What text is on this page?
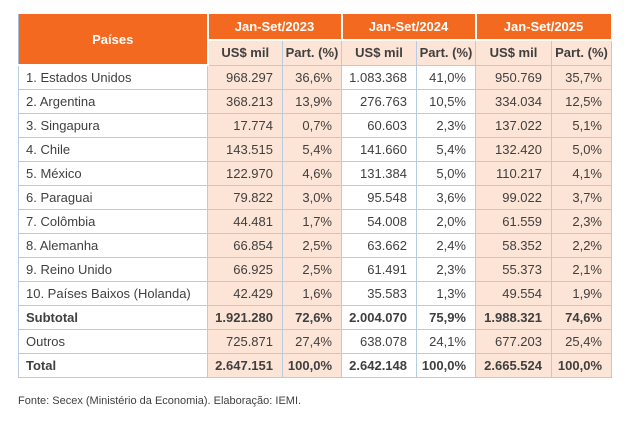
Países	Jan-Set/2023		Jan-Set/2024		Jan-Set/2025	
	US$ mil	Part. (%)	US$ mil	Part. (%)	US$ mil	Part. (%)
1. Estados Unidos	968.297	36,6%	1.083.368	41,0%	950.769	35,7%
2. Argentina	368.213	13,9%	276.763	10,5%	334.034	12,5%
3. Singapura	17.774	0,7%	60.603	2,3%	137.022	5,1%
4. Chile	143.515	5,4%	141.660	5,4%	132.420	5,0%
5. México	122.970	4,6%	131.384	5,0%	110.217	4,1%
6. Paraguai	79.822	3,0%	95.548	3,6%	99.022	3,7%
7. Colômbia	44.481	1,7%	54.008	2,0%	61.559	2,3%
8. Alemanha	66.854	2,5%	63.662	2,4%	58.352	2,2%
9. Reino Unido	66.925	2,5%	61.491	2,3%	55.373	2,1%
10. Países Baixos (Holanda)	42.429	1,6%	35.583	1,3%	49.554	1,9%
Subtotal	1.921.280	72,6%	2.004.070	75,9%	1.988.321	74,6%
Outros	725.871	27,4%	638.078	24,1%	677.203	25,4%
Total	2.647.151	100,0%	2.642.148	100,0%	2.665.524	100,0%
Fonte: Secex (Ministério da Economia). Elaboração: IEMI.
